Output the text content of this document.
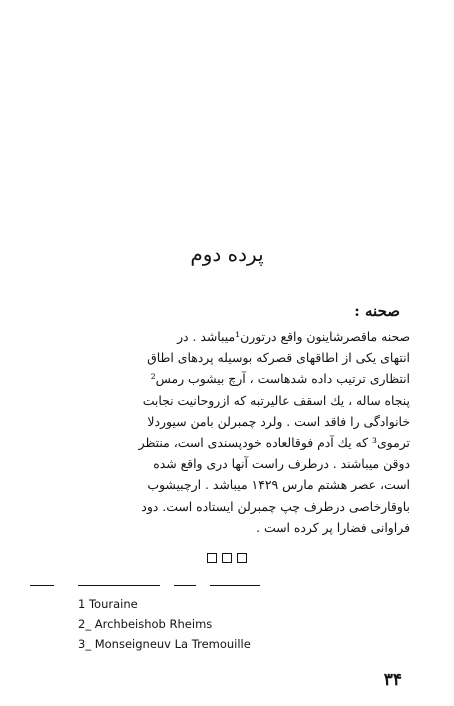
پرده دوم
صحنه :
صحنه ماقصرشاینون واقع درتورن¹میباشد . در
انتهای یکی از اطاقهای قصرکه بوسیله پردهای اطاق
انتظاری ترتیب داده شدهاست ، آرچ بیشوب رمس²
پنجاه ساله ، یك اسقف عالیرتبه که ازروحانیت نجابت
خانوادگی را فاقد است . ولرد چمبرلن بامن سیوردلا
ترموی³ که یك آدم فوقالعاده خودپسندی است، منتظر
دوقن میباشند . درطرف راست آنها دری واقع شده
است، عصر هشتم مارس ۱۴۲۹ میباشد . ارچبیشوب
باوقارخاصی درطرف چپ چمبرلن ایستاده است. دود
فراوانی فضارا پر کرده است .
1 Touraine
2_ Archbeishob Rheims
3_ Monseigneuv La Tremouille
۳۴
